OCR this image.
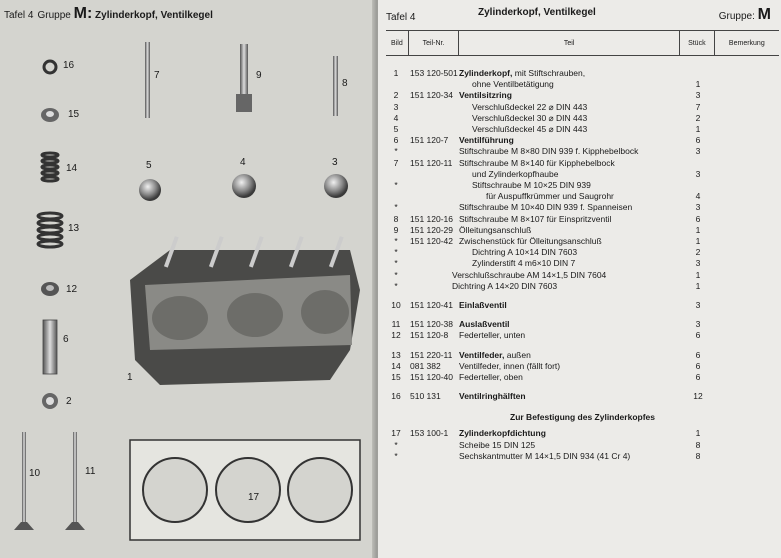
Tafel 4 Gruppe M: Zylinderkopf, Ventilkegel
16
15
14
13
12
6
2
10	11
7	9
8
5	4	3
1
17
Tafel 4	Zylinderkopf, Ventilkegel	Gruppe: M
Bild	Teil-Nr.	Teil	Stück	Bemerkung
1	153 120-501 Zylinderkopf, mit Stiftschrauben,
ohne Ventilbetätigung	1
2	151 120-34 Ventilsitzring	3
3	Verschlußdeckel 22 ⌀ DIN 443	7
4	Verschlußdeckel 30 ⌀ DIN 443	2
5	Verschlußdeckel 45 ⌀ DIN 443	1
6	151 120-7 Ventilführung	6
*	Stiftschraube M 8×80 DIN 939 f. Kipphebelbock	3
7	151 120-11 Stiftschraube M 8×140 für Kipphebelbock
und Zylinderkopfhaube	3
*	Stiftschraube M 10×25 DIN 939
für Auspuffkrümmer und Saugrohr	4
*	Stiftschraube M 10×40 DIN 939 f. Spanneisen	3
8	151 120-16 Stiftschraube M 8×107 für Einspritzventil	6
9	151 120-29 Ölleitungsanschluß	1
*	151 120-42 Zwischenstück für Ölleitungsanschluß	1
*	Dichtring A 10×14 DIN 7603	2
*	Zylinderstift 4 m6×10 DIN 7	3
*	Verschlußschraube AM 14×1,5 DIN 7604	1
*	Dichtring A 14×20 DIN 7603	1
10	151 120-41 Einlaßventil	3
11	151 120-38 Auslaßventil	3
12	151 120-8 Federteller, unten	6
13	151 220-11 Ventilfeder, außen	6
14	081 382 Ventilfeder, innen (fällt fort)	6
15	151 120-40 Federteller, oben	6
16	510 131 Ventilringhälften	12
Zur Befestigung des Zylinderkopfes
17	153 100-1 Zylinderkopfdichtung	1
*	Scheibe 15 DIN 125	8
*	Sechskantmutter M 14×1,5 DIN 934 (41 Cr 4)	8
